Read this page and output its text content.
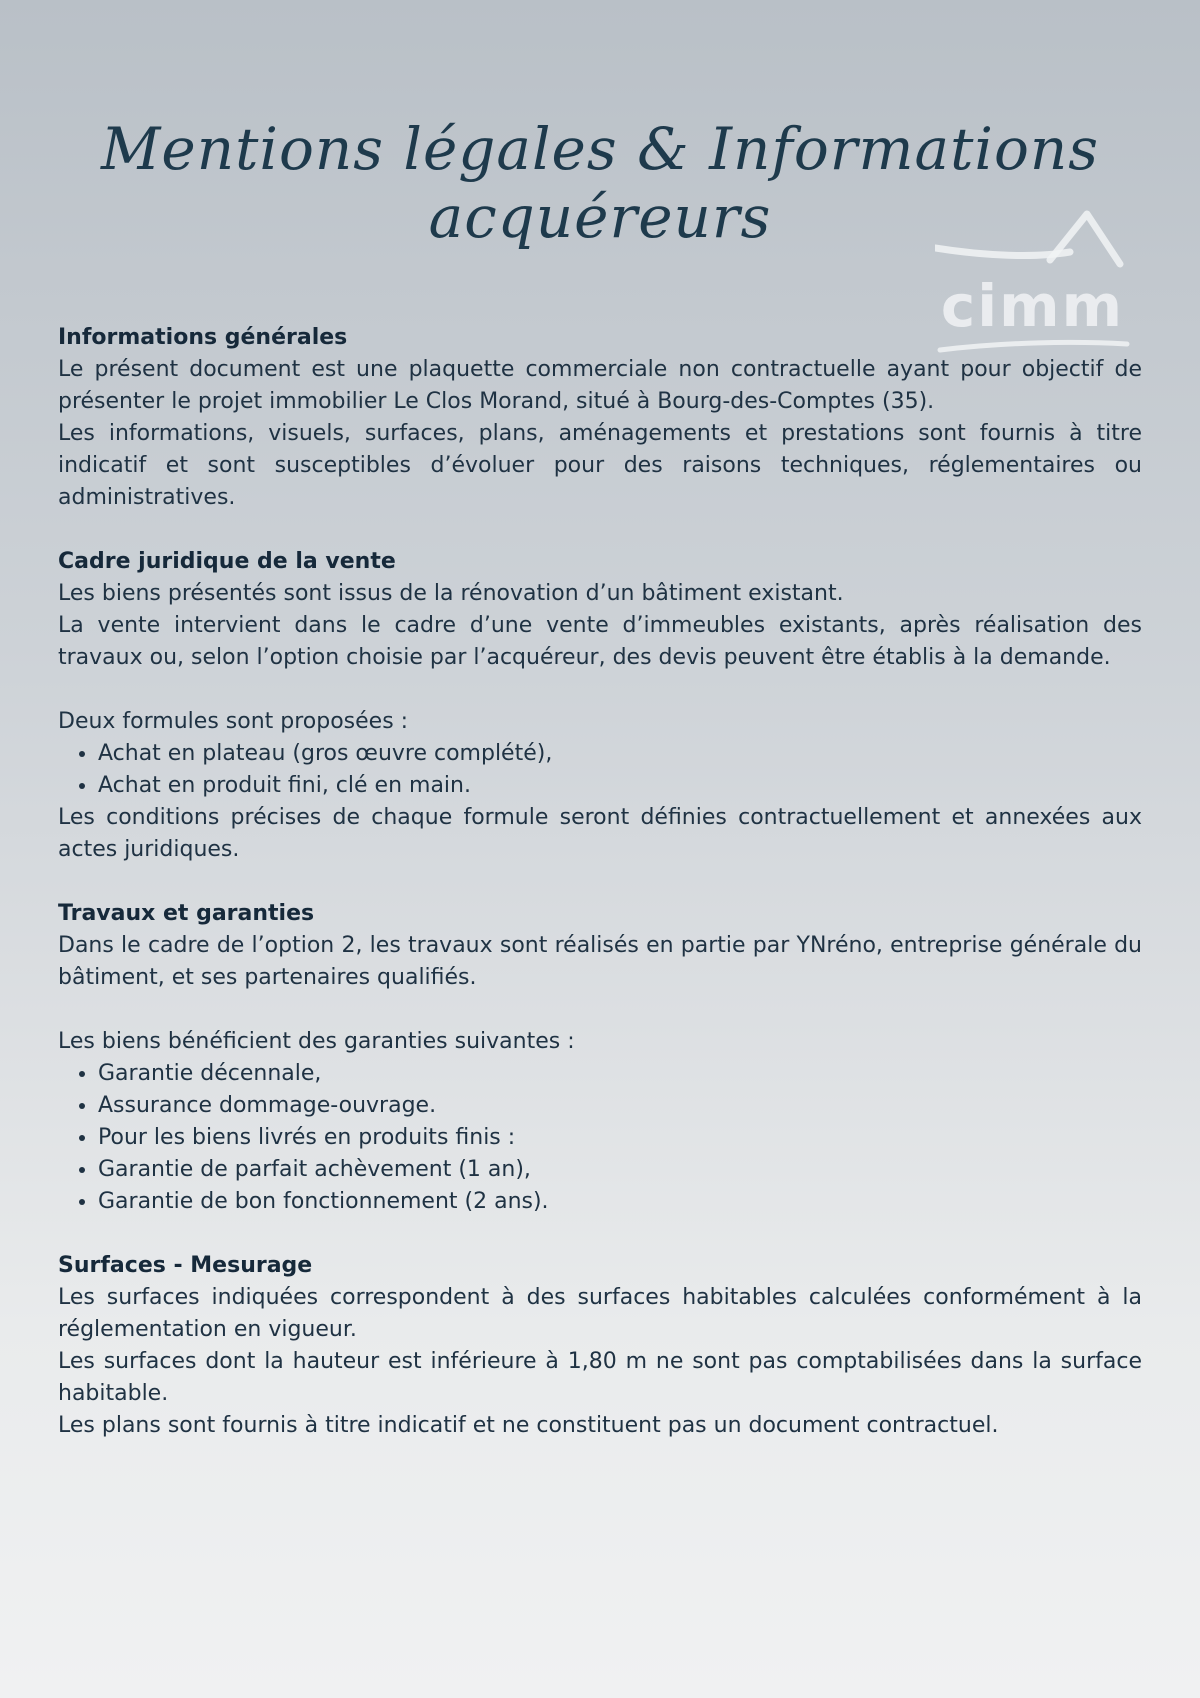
Mentions légales & Informations acquéreurs
cimm
Informations générales

Le présent document est une plaquette commerciale non contractuelle ayant pour objectif de présenter le projet immobilier Le Clos Morand, situé à Bourg-des-Comptes (35).

Les informations, visuels, surfaces, plans, aménagements et prestations sont fournis à titre indicatif et sont susceptibles d’évoluer pour des raisons techniques, réglementaires ou administratives.

Cadre juridique de la vente

Les biens présentés sont issus de la rénovation d’un bâtiment existant.

La vente intervient dans le cadre d’une vente d’immeubles existants, après réalisation des travaux ou, selon l’option choisie par l’acquéreur, des devis peuvent être établis à la demande.

Deux formules sont proposées :

• Achat en plateau (gros œuvre complété),
• Achat en produit fini, clé en main.

Les conditions précises de chaque formule seront définies contractuellement et annexées aux actes juridiques.

Travaux et garanties

Dans le cadre de l’option 2, les travaux sont réalisés en partie par YNréno, entreprise générale du bâtiment, et ses partenaires qualifiés.

Les biens bénéficient des garanties suivantes :

• Garantie décennale,
• Assurance dommage-ouvrage.
• Pour les biens livrés en produits finis :
• Garantie de parfait achèvement (1 an),
• Garantie de bon fonctionnement (2 ans).
Surfaces - Mesurage

Les surfaces indiquées correspondent à des surfaces habitables calculées conformément à la réglementation en vigueur.

Les surfaces dont la hauteur est inférieure à 1,80 m ne sont pas comptabilisées dans la surface habitable.

Les plans sont fournis à titre indicatif et ne constituent pas un document contractuel.
